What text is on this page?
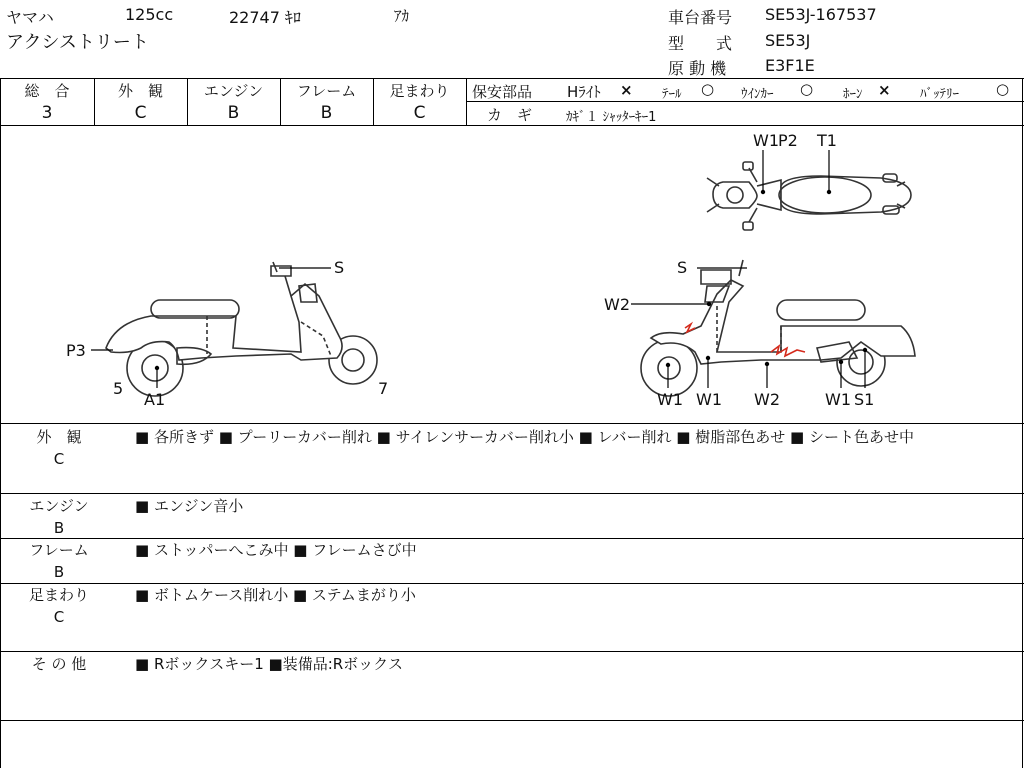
ヤマハ	125cc	22747 ｷﾛ	ｱｶ
アクシストリート
車台番号 SE53J-167537
型　　式 SE53J
原 動 機 E3F1E
総　合
3
外　観
C
エンジン
B
フレーム
B
足まわり
C
保安部品 Hﾗｲﾄ × ﾃｰﾙ ○ ｳｲﾝｶｰ ○ ﾎｰﾝ × ﾊﾞｯﾃﾘｰ ○
カ　ギ	ｶｷﾞ１ ｼｬｯﾀｰｷｰ1
W1 P2 T1
S
P3
5
A1
7
S
W2
W1 W1 W2	W1 S1
外　観
C
■ 各所きず ■ プーリーカバー削れ ■ サイレンサーカバー削れ小 ■ レバー削れ ■ 樹脂部色あせ ■ シート色あせ中
エンジン
B
■ エンジン音小
フレーム
B
■ ストッパーへこみ中 ■ フレームさび中
足まわり
C
■ ボトムケース削れ小 ■ ステムまがり小
そ の 他	■ Rボックスキー1 ■装備品:Rボックス
